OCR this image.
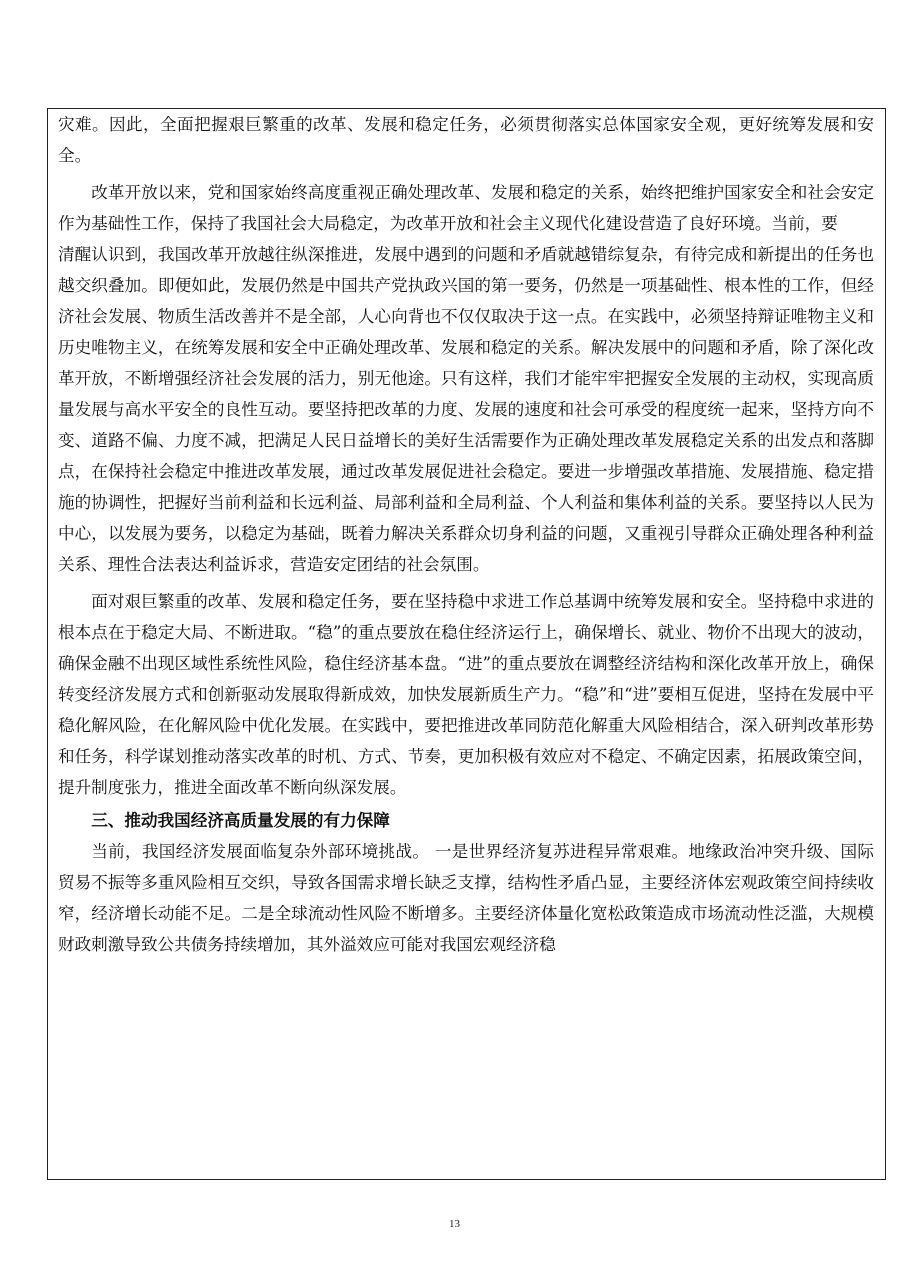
灾难。因此，全面把握艰巨繁重的改革、发展和稳定任务，必须贯彻落实总体国家安全观，更好统筹发展和安全。

改革开放以来，党和国家始终高度重视正确处理改革、发展和稳定的关系，始终把维护国家安全和社会安定作为基础性工作，保持了我国社会大局稳定，为改革开放和社会主义现代化建设营造了良好环境。当前，要

清醒认识到，我国改革开放越往纵深推进，发展中遇到的问题和矛盾就越错综复杂，有待完成和新提出的任务也越交织叠加。即便如此，发展仍然是中国共产党执政兴国的第一要务，仍然是一项基础性、根本性的工作，但经济社会发展、物质生活改善并不是全部，人心向背也不仅仅取决于这一点。在实践中，必须坚持辩证唯物主义和历史唯物主义，在统筹发展和安全中正确处理改革、发展和稳定的关系。解决发展中的问题和矛盾，除了深化改革开放，不断增强经济社会发展的活力，别无他途。只有这样，我们才能牢牢把握安全发展的主动权，实现高质量发展与高水平安全的良性互动。要坚持把改革的力度、发展的速度和社会可承受的程度统一起来，坚持方向不变、道路不偏、力度不减，把满足人民日益增长的美好生活需要作为正确处理改革发展稳定关系的出发点和落脚点，在保持社会稳定中推进改革发展，通过改革发展促进社会稳定。要进一步增强改革措施、发展措施、稳定措施的协调性，把握好当前利益和长远利益、局部利益和全局利益、个人利益和集体利益的关系。要坚持以人民为中心，以发展为要务，以稳定为基础，既着力解决关系群众切身利益的问题，又重视引导群众正确处理各种利益关系、理性合法表达利益诉求，营造安定团结的社会氛围。

面对艰巨繁重的改革、发展和稳定任务，要在坚持稳中求进工作总基调中统筹发展和安全。坚持稳中求进的根本点在于稳定大局、不断进取。“稳”的重点要放在稳住经济运行上，确保增长、就业、物价不出现大的波动，确保金融不出现区域性系统性风险，稳住经济基本盘。“进”的重点要放在调整经济结构和深化改革开放上，确保转变经济发展方式和创新驱动发展取得新成效，加快发展新质生产力。“稳”和“进”要相互促进，坚持在发展中平稳化解风险，在化解风险中优化发展。在实践中，要把推进改革同防范化解重大风险相结合，深入研判改革形势和任务，科学谋划推动落实改革的时机、方式、节奏，更加积极有效应对不稳定、不确定因素，拓展政策空间，提升制度张力，推进全面改革不断向纵深发展。

三、推动我国经济高质量发展的有力保障

当前，我国经济发展面临复杂外部环境挑战。 一是世界经济复苏进程异常艰难。地缘政治冲突升级、国际贸易不振等多重风险相互交织，导致各国需求增长缺乏支撑，结构性矛盾凸显，主要经济体宏观政策空间持续收窄，经济增长动能不足。二是全球流动性风险不断增多。主要经济体量化宽松政策造成市场流动性泛滥，大规模财政刺激导致公共债务持续增加，其外溢效应可能对我国宏观经济稳

13
